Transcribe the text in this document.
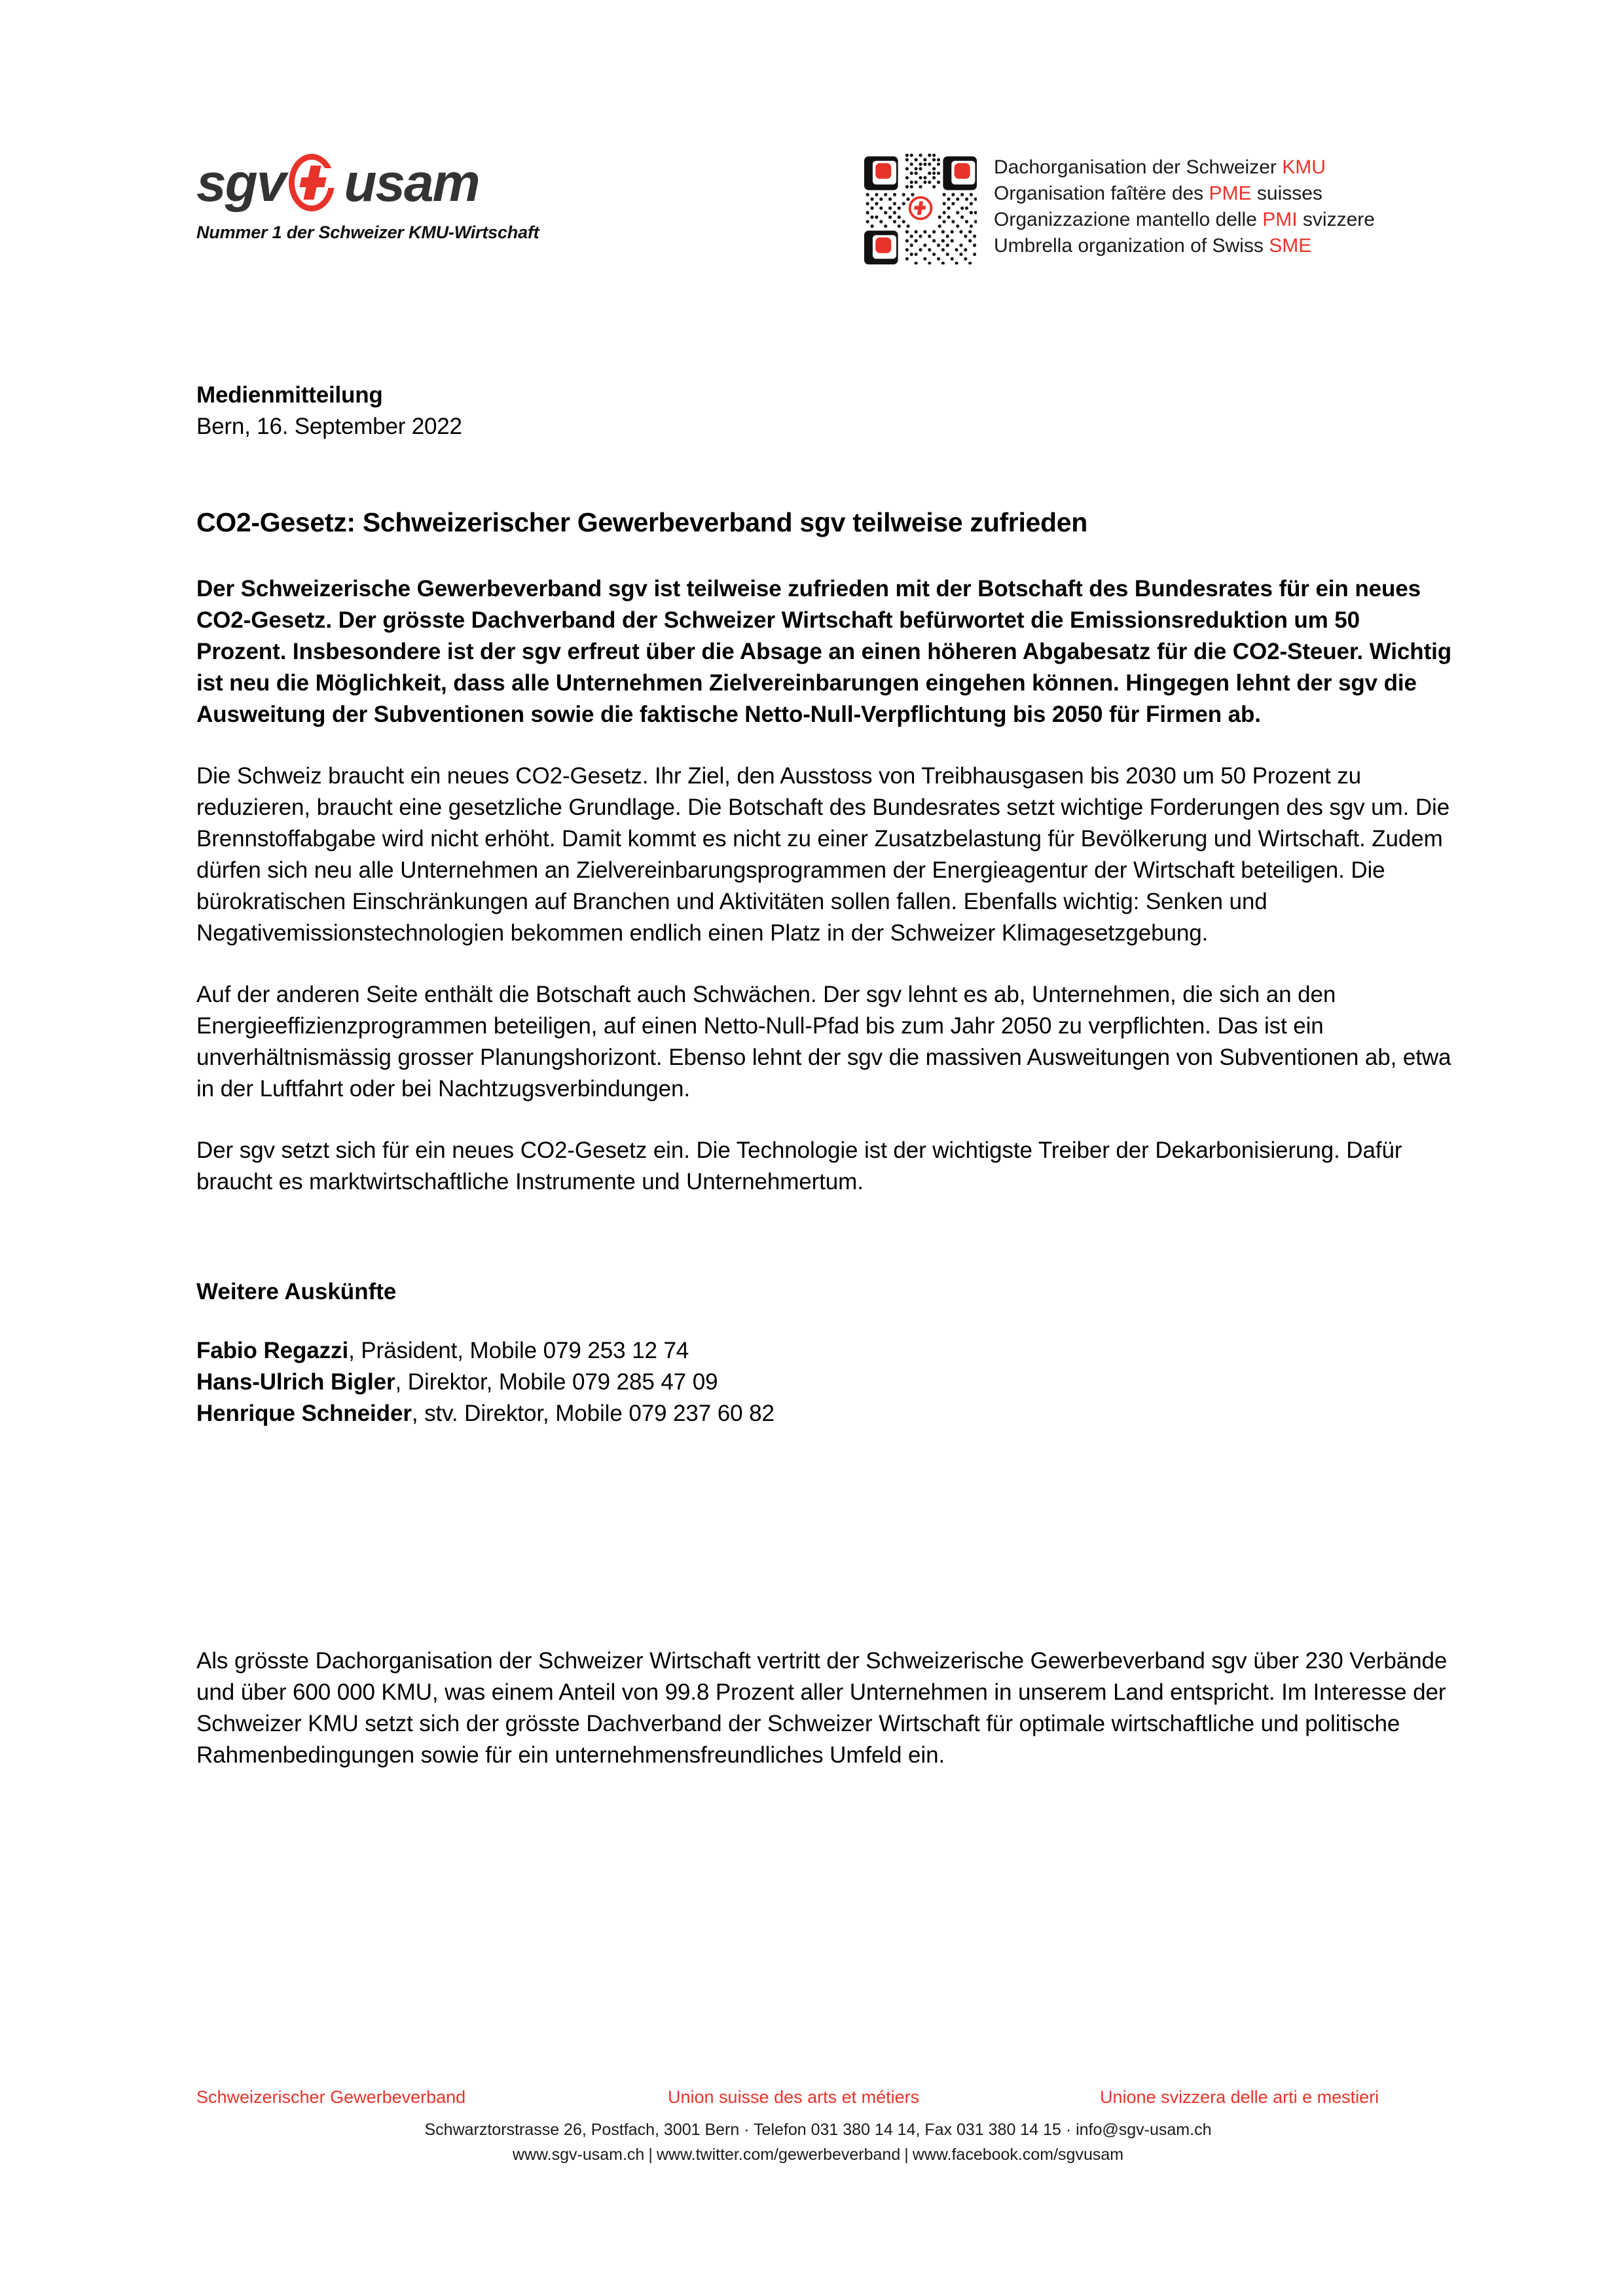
sgv usam
Nummer 1 der Schweizer KMU-Wirtschaft
Dachorganisation der Schweizer KMU
Organisation faîtëre des PME suisses
Organizzazione mantello delle PMI svizzere
Umbrella organization of Swiss SME
Medienmitteilung
Bern, 16. September 2022
CO2-Gesetz: Schweizerischer Gewerbeverband sgv teilweise zufrieden
Der Schweizerische Gewerbeverband sgv ist teilweise zufrieden mit der Botschaft des Bundesrates für ein neues CO2-Gesetz. Der grösste Dachverband der Schweizer Wirtschaft befürwortet die Emissionsreduktion um 50 Prozent. Insbesondere ist der sgv erfreut über die Absage an einen höheren Abgabesatz für die CO2-Steuer. Wichtig ist neu die Möglichkeit, dass alle Unternehmen Zielvereinbarungen eingehen können. Hingegen lehnt der sgv die Ausweitung der Subventionen sowie die faktische Netto-Null-Verpflichtung bis 2050 für Firmen ab.

Die Schweiz braucht ein neues CO2-Gesetz. Ihr Ziel, den Ausstoss von Treibhausgasen bis 2030 um 50 Prozent zu reduzieren, braucht eine gesetzliche Grundlage. Die Botschaft des Bundesrates setzt wichtige Forderungen des sgv um. Die Brennstoffabgabe wird nicht erhöht. Damit kommt es nicht zu einer Zusatzbelastung für Bevölkerung und Wirtschaft. Zudem dürfen sich neu alle Unternehmen an Zielvereinbarungsprogrammen der Energieagentur der Wirtschaft beteiligen. Die bürokratischen Einschränkungen auf Branchen und Aktivitäten sollen fallen. Ebenfalls wichtig: Senken und Negativemissionstechnologien bekommen endlich einen Platz in der Schweizer Klimagesetzgebung.

Auf der anderen Seite enthält die Botschaft auch Schwächen. Der sgv lehnt es ab, Unternehmen, die sich an den Energieeffizienzprogrammen beteiligen, auf einen Netto-Null-Pfad bis zum Jahr 2050 zu verpflichten. Das ist ein unverhältnismässig grosser Planungshorizont. Ebenso lehnt der sgv die massiven Ausweitungen von Subventionen ab, etwa in der Luftfahrt oder bei Nachtzugsverbindungen.

Der sgv setzt sich für ein neues CO2-Gesetz ein. Die Technologie ist der wichtigste Treiber der Dekarbonisierung. Dafür braucht es marktwirtschaftliche Instrumente und Unternehmertum.

Weitere Auskünfte
Fabio Regazzi, Präsident, Mobile 079 253 12 74
Hans-Ulrich Bigler, Direktor, Mobile 079 285 47 09
Henrique Schneider, stv. Direktor, Mobile 079 237 60 82
Als grösste Dachorganisation der Schweizer Wirtschaft vertritt der Schweizerische Gewerbeverband sgv über 230 Verbände und über 600 000 KMU, was einem Anteil von 99.8 Prozent aller Unternehmen in unserem Land entspricht. Im Interesse der Schweizer KMU setzt sich der grösste Dachverband der Schweizer Wirtschaft für optimale wirtschaftliche und politische Rahmenbedingungen sowie für ein unternehmensfreundliches Umfeld ein.
Schweizerischer Gewerbeverband	Union suisse des arts et métiers	Unione svizzera delle arti e mestieri
Schwarztorstrasse 26, Postfach, 3001 Bern · Telefon 031 380 14 14, Fax 031 380 14 15 · info@sgv-usam.ch
www.sgv-usam.ch | www.twitter.com/gewerbeverband | www.facebook.com/sgvusam
